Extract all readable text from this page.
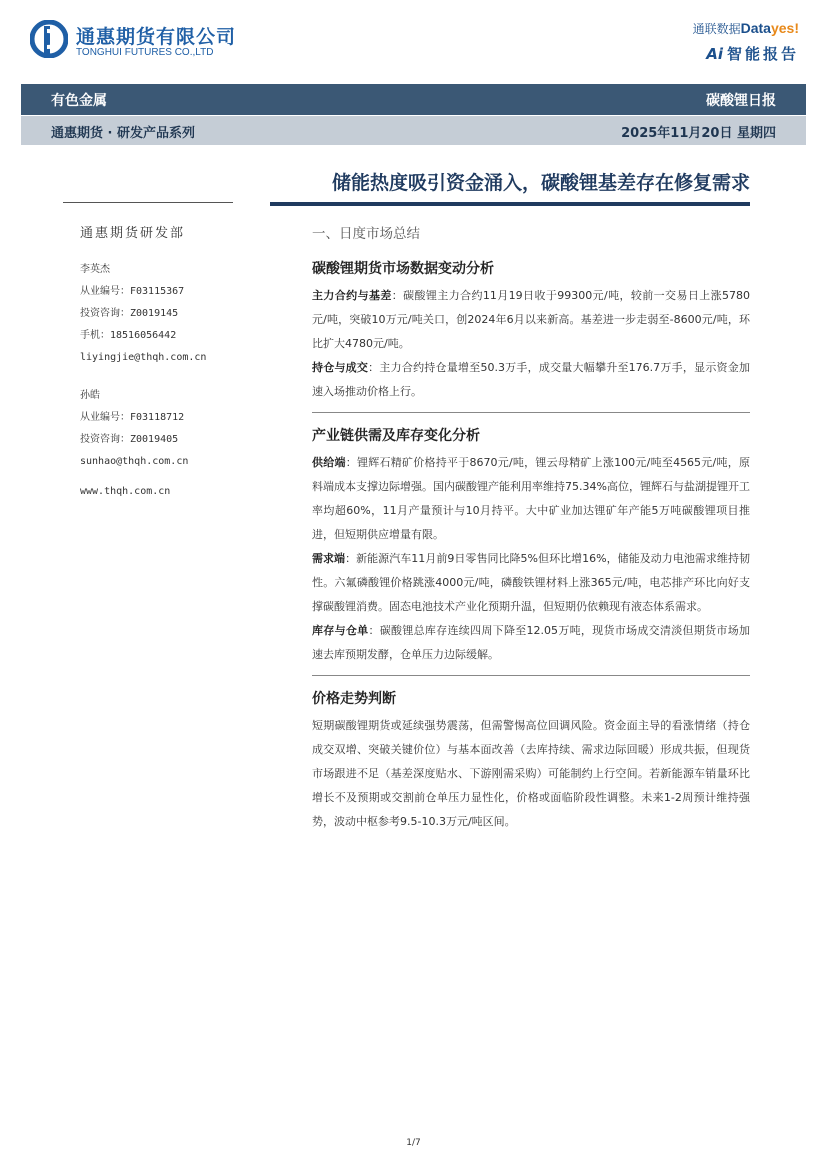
通惠期货有限公司
TONGHUI FUTURES CO.,LTD
通联数据Datayes!
Ai 智能报告
有色金属	碳酸锂日报
通惠期货 · 研发产品系列	2025年11月20日 星期四
储能热度吸引资金涌入，碳酸锂基差存在修复需求
通惠期货研发部
李英杰
从业编号：F03115367
投资咨询：Z0019145
手机：18516056442
liyingjie@thqh.com.cn
孙皓
从业编号：F03118712
投资咨询：Z0019405
sunhao@thqh.com.cn
www.thqh.com.cn
一、日度市场总结
碳酸锂期货市场数据变动分析
主力合约与基差：碳酸锂主力合约11月19日收于99300元/吨，较前一交易日上涨5780元/吨，突破10万元/吨关口，创2024年6月以来新高。基差进一步走弱至-8600元/吨，环比扩大4780元/吨。
持仓与成交：主力合约持仓量增至50.3万手，成交量大幅攀升至176.7万手，显示资金加速入场推动价格上行。
产业链供需及库存变化分析
供给端：锂辉石精矿价格持平于8670元/吨，锂云母精矿上涨100元/吨至4565元/吨，原料端成本支撑边际增强。国内碳酸锂产能利用率维持75.34%高位，锂辉石与盐湖提锂开工率均超60%，11月产量预计与10月持平。大中矿业加达锂矿年产能5万吨碳酸锂项目推进，但短期供应增量有限。
需求端：新能源汽车11月前9日零售同比降5%但环比增16%，储能及动力电池需求维持韧性。六氟磷酸锂价格跳涨4000元/吨，磷酸铁锂材料上涨365元/吨，电芯排产环比向好支撑碳酸锂消费。固态电池技术产业化预期升温，但短期仍依赖现有液态体系需求。
库存与仓单：碳酸锂总库存连续四周下降至12.05万吨，现货市场成交清淡但期货市场加速去库预期发酵，仓单压力边际缓解。
价格走势判断
短期碳酸锂期货或延续强势震荡，但需警惕高位回调风险。资金面主导的看涨情绪（持仓成交双增、突破关键价位）与基本面改善（去库持续、需求边际回暖）形成共振，但现货市场跟进不足（基差深度贴水、下游刚需采购）可能制约上行空间。若新能源车销量环比增长不及预期或交割前仓单压力显性化，价格或面临阶段性调整。未来1-2周预计维持强势，波动中枢参考9.5-10.3万元/吨区间。
1/7
